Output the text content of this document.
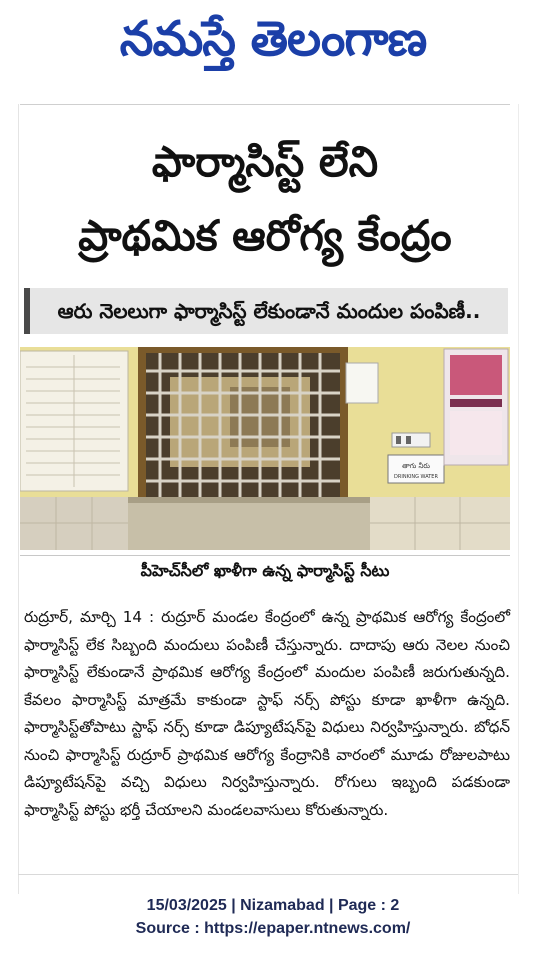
నమస్తే తెలంగాణ
ఫార్మాసిస్ట్ లేని
ప్రాథమిక ఆరోగ్య కేంద్రం
ఆరు నెలలుగా ఫార్మాసిస్ట్ లేకుండానే మందుల పంపిణీ..
తాగు నీరు
DRINKING WATER
పీహెచ్‌సీలో ఖాళీగా ఉన్న ఫార్మాసిస్ట్ సీటు

రుద్రూర్, మార్చి 14 : రుద్రూర్ మండల కేంద్రంలో ఉన్న ప్రాథమిక ఆరోగ్య కేంద్రంలో ఫార్మాసిస్ట్ లేక సిబ్బంది మందులు పంపిణీ చేస్తున్నారు. దాదాపు ఆరు నెలల నుంచి ఫార్మాసిస్ట్ లేకుండానే ప్రాథమిక ఆరోగ్య కేంద్రంలో మందుల పంపిణీ జరుగుతున్నది. కేవలం ఫార్మాసిస్ట్ మాత్రమే కాకుండా స్టాఫ్ నర్స్ పోస్టు కూడా ఖాళీగా ఉన్నది. ఫార్మాసిస్ట్‌తోపాటు స్టాఫ్ నర్స్ కూడా డిప్యూటేషన్‌పై విధులు నిర్వహిస్తున్నారు. బోధన్ నుంచి ఫార్మాసిస్ట్ రుద్రూర్ ప్రాథమిక ఆరోగ్య కేంద్రానికి వారంలో మూడు రోజులపాటు డిప్యూటేషన్‌పై వచ్చి విధులు నిర్వహిస్తున్నారు. రోగులు ఇబ్బంది పడకుండా ఫార్మాసిస్ట్ పోస్టు భర్తీ చేయాలని మండలవాసులు కోరుతున్నారు.

15/03/2025 | Nizamabad | Page : 2
Source : https://epaper.ntnews.com/
